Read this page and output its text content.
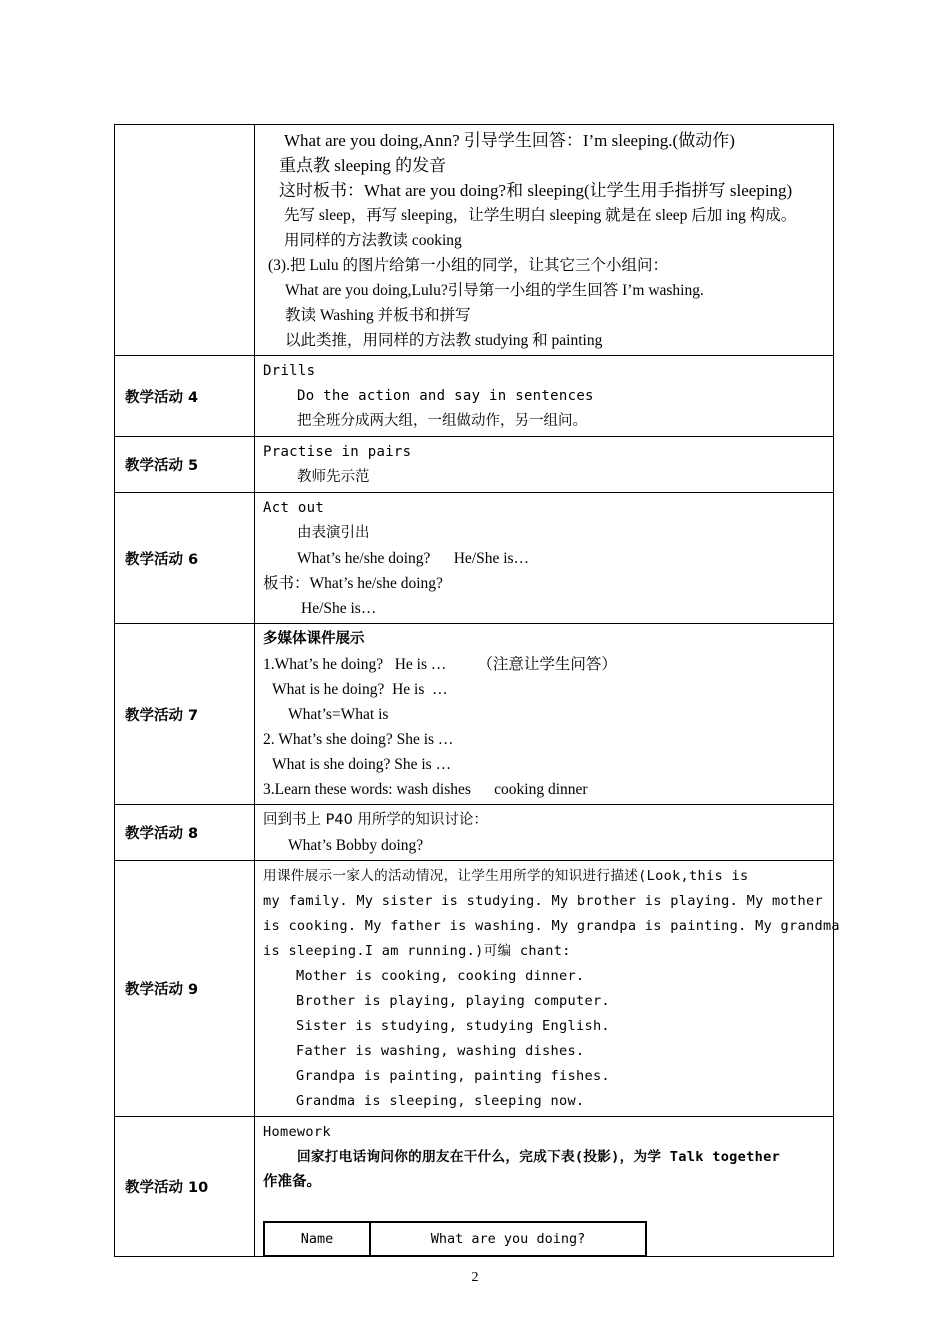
What are you doing,Ann? 引导学生回答：I’m sleeping.(做动作)
重点教 sleeping 的发音
这时板书：What are you doing?和 sleeping(让学生用手指拼写 sleeping)
先写 sleep，再写 sleeping，让学生明白 sleeping 就是在 sleep 后加 ing 构成。
用同样的方法教读 cooking
(3).把 Lulu 的图片给第一小组的同学，让其它三个小组问：
What are you doing,Lulu?引导第一小组的学生回答 I’m washing.
教读 Washing 并板书和拼写
以此类推，用同样的方法教 studying 和 painting

教学活动 4	
Drills
Do the action and say in sentences
把全班分成两大组，一组做动作，另一组问。

教学活动 5	
Practise in pairs
教师先示范

教学活动 6	
Act out
由表演引出
What’s he/she doing?      He/She is…
板书：What’s he/she doing?
He/She is…

教学活动 7	
多媒体课件展示
1.What’s he doing?   He is …        （注意让学生问答）
What is he doing?  He is  …
What’s=What is
2. What’s she doing? She is …
What is she doing? She is …
3.Learn these words: wash dishes      cooking dinner

教学活动 8	
回到书上 P40 用所学的知识讨论：
What’s Bobby doing?

教学活动 9	
用课件展示一家人的活动情况，让学生用所学的知识进行描述(Look,this is
my family. My sister is studying. My brother is playing. My mother
is cooking. My father is washing. My grandpa is painting. My grandma
is sleeping.I am running.)可编 chant:
Mother is cooking, cooking dinner.
Brother is playing, playing computer.
Sister is studying, studying English.
Father is washing, washing dishes.
Grandpa is painting, painting fishes.
Grandma is sleeping, sleeping now.

教学活动 10	
Homework
回家打电话询问你的朋友在干什么，完成下表(投影)，为学 Talk together
作准备。
Name	What are you doing?
2
